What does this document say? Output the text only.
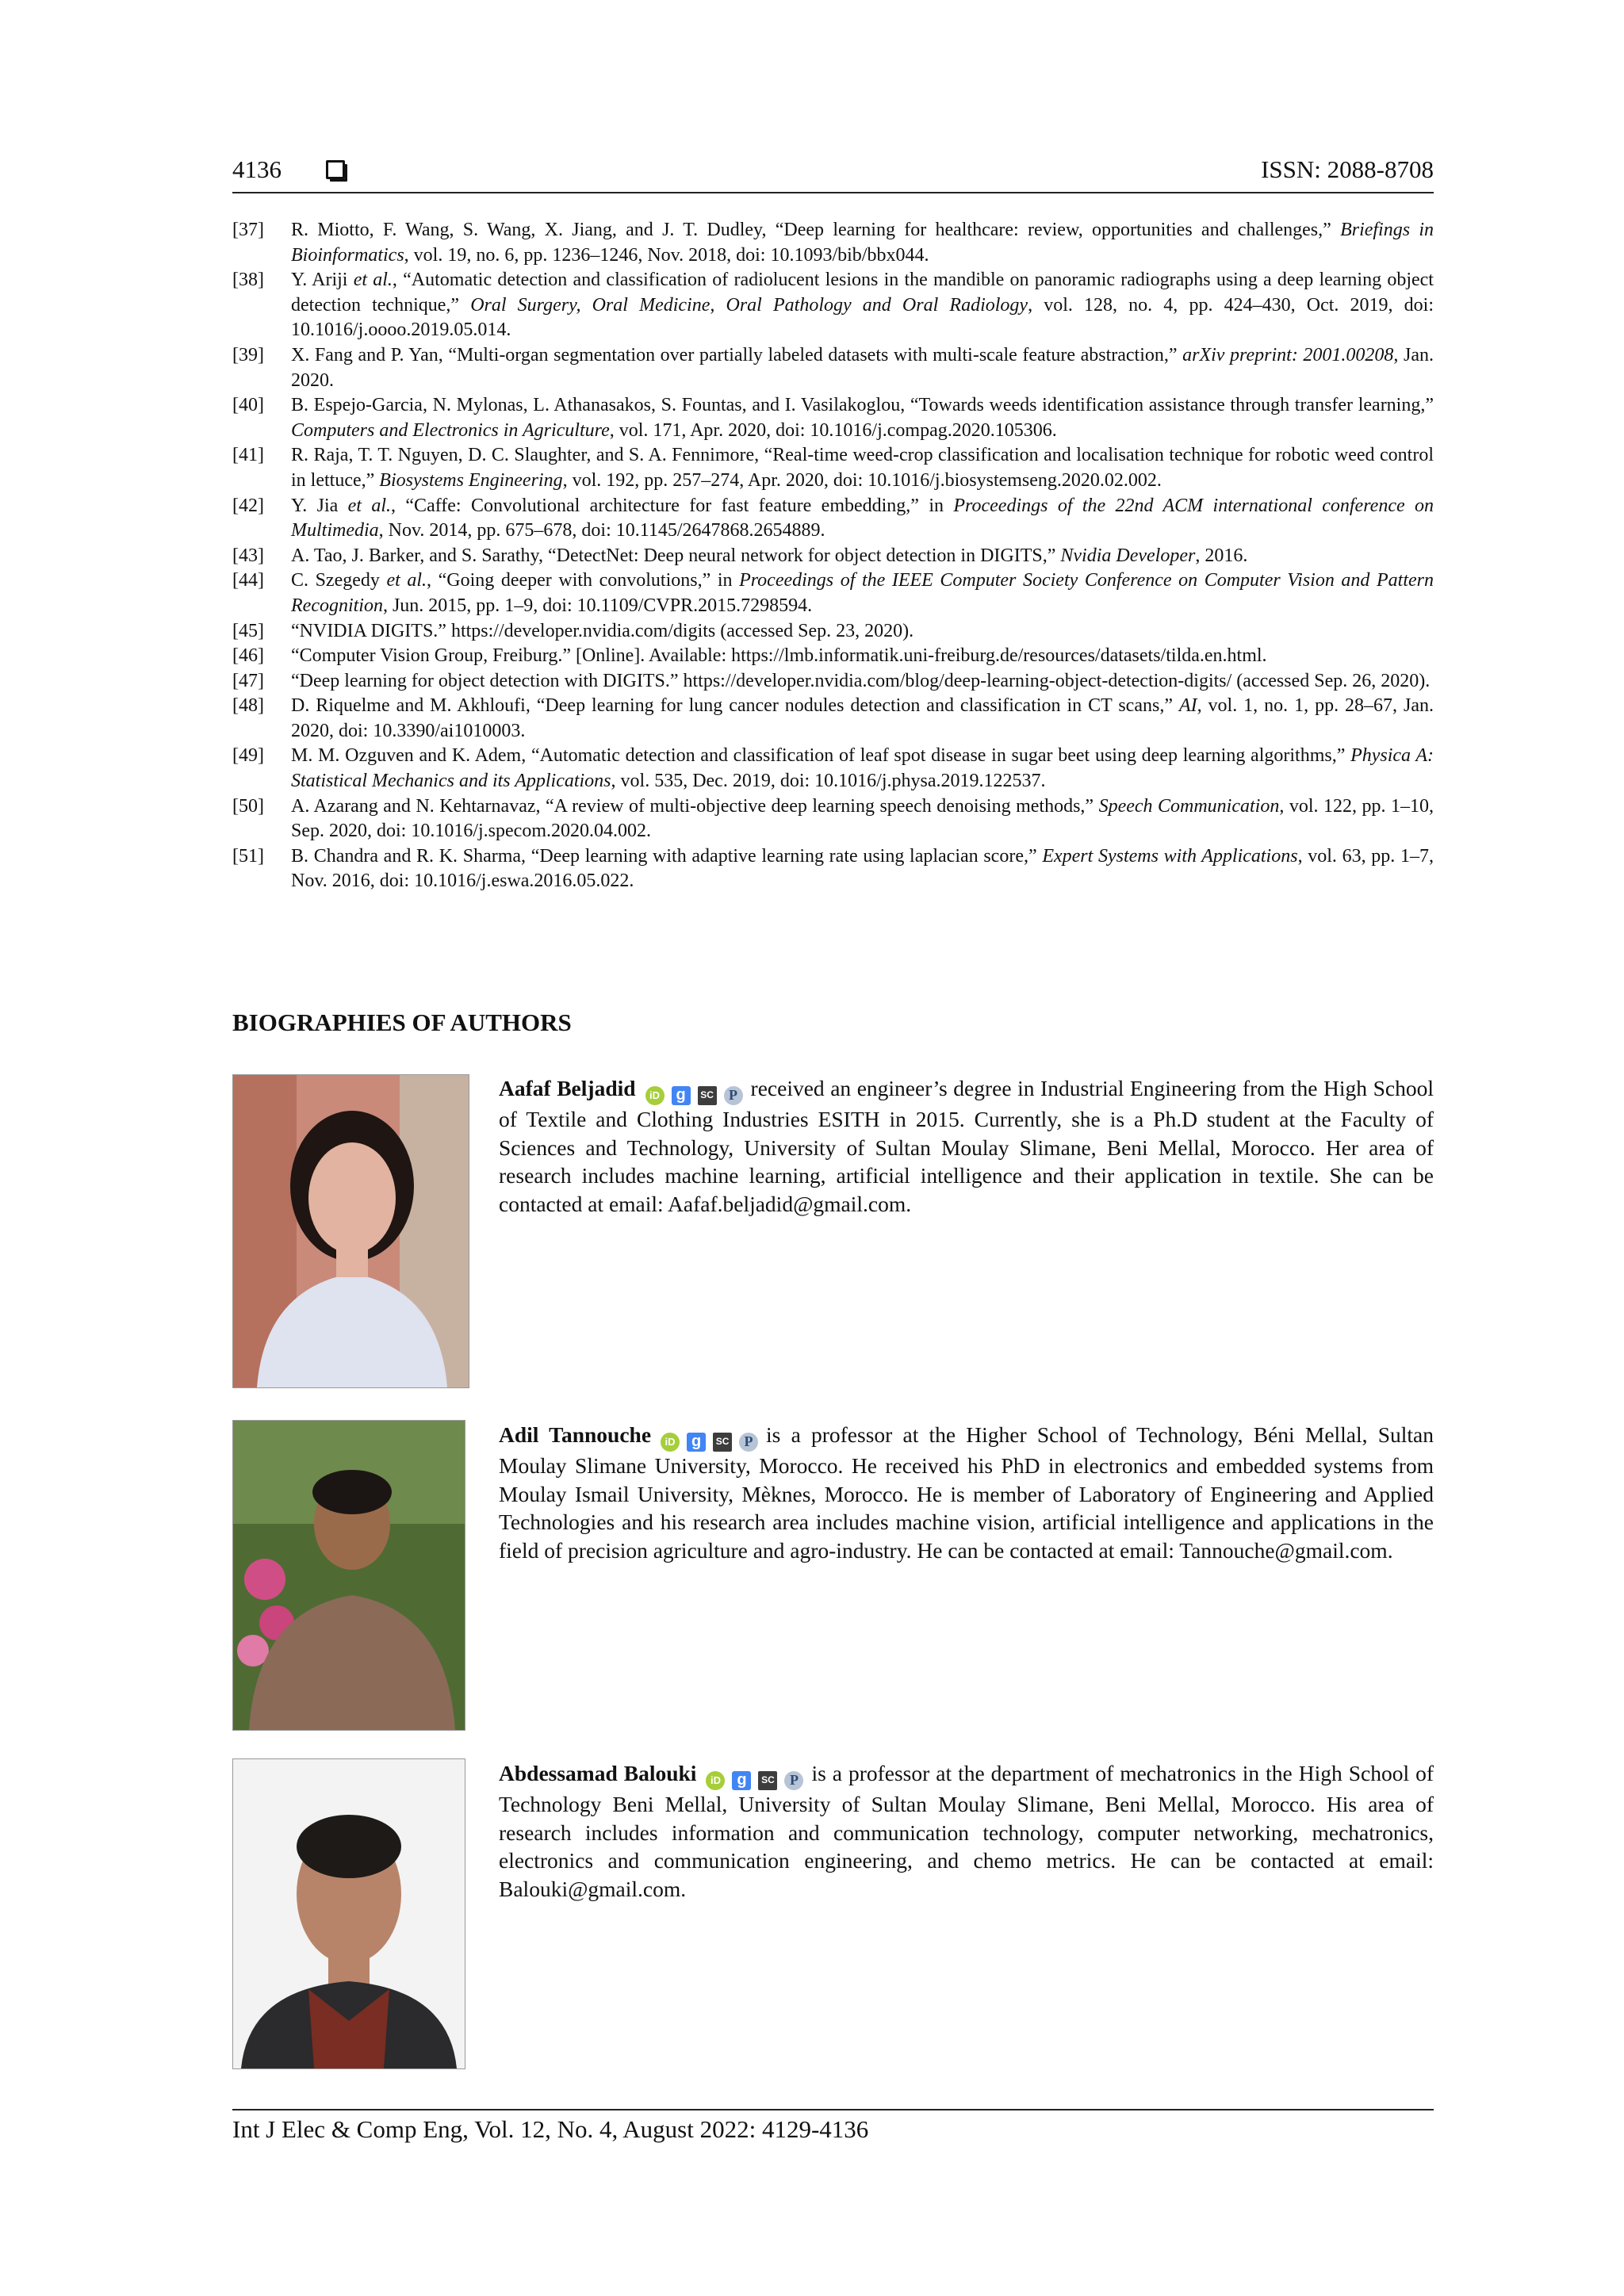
4136	ISSN: 2088-8708
[37]	R. Miotto, F. Wang, S. Wang, X. Jiang, and J. T. Dudley, “Deep learning for healthcare: review, opportunities and challenges,” Briefings in Bioinformatics, vol. 19, no. 6, pp. 1236–1246, Nov. 2018, doi: 10.1093/bib/bbx044.
[38]	Y. Ariji et al., “Automatic detection and classification of radiolucent lesions in the mandible on panoramic radiographs using a deep learning object detection technique,” Oral Surgery, Oral Medicine, Oral Pathology and Oral Radiology, vol. 128, no. 4, pp. 424–430, Oct. 2019, doi: 10.1016/j.oooo.2019.05.014.
[39]	X. Fang and P. Yan, “Multi-organ segmentation over partially labeled datasets with multi-scale feature abstraction,” arXiv preprint: 2001.00208, Jan. 2020.
[40]	B. Espejo-Garcia, N. Mylonas, L. Athanasakos, S. Fountas, and I. Vasilakoglou, “Towards weeds identification assistance through transfer learning,” Computers and Electronics in Agriculture, vol. 171, Apr. 2020, doi: 10.1016/j.compag.2020.105306.
[41]	R. Raja, T. T. Nguyen, D. C. Slaughter, and S. A. Fennimore, “Real-time weed-crop classification and localisation technique for robotic weed control in lettuce,” Biosystems Engineering, vol. 192, pp. 257–274, Apr. 2020, doi: 10.1016/j.biosystemseng.2020.02.002.
[42]	Y. Jia et al., “Caffe: Convolutional architecture for fast feature embedding,” in Proceedings of the 22nd ACM international conference on Multimedia, Nov. 2014, pp. 675–678, doi: 10.1145/2647868.2654889.
[43]	A. Tao, J. Barker, and S. Sarathy, “DetectNet: Deep neural network for object detection in DIGITS,” Nvidia Developer, 2016.
[44]	C. Szegedy et al., “Going deeper with convolutions,” in Proceedings of the IEEE Computer Society Conference on Computer Vision and Pattern Recognition, Jun. 2015, pp. 1–9, doi: 10.1109/CVPR.2015.7298594.
[45]	“NVIDIA DIGITS.” https://developer.nvidia.com/digits (accessed Sep. 23, 2020).
[46]	“Computer Vision Group, Freiburg.” [Online]. Available: https://lmb.informatik.uni-freiburg.de/resources/datasets/tilda.en.html.
[47]	“Deep learning for object detection with DIGITS.” https://developer.nvidia.com/blog/deep-learning-object-detection-digits/ (accessed Sep. 26, 2020).
[48]	D. Riquelme and M. Akhloufi, “Deep learning for lung cancer nodules detection and classification in CT scans,” AI, vol. 1, no. 1, pp. 28–67, Jan. 2020, doi: 10.3390/ai1010003.
[49]	M. M. Ozguven and K. Adem, “Automatic detection and classification of leaf spot disease in sugar beet using deep learning algorithms,” Physica A: Statistical Mechanics and its Applications, vol. 535, Dec. 2019, doi: 10.1016/j.physa.2019.122537.
[50]	A. Azarang and N. Kehtarnavaz, “A review of multi-objective deep learning speech denoising methods,” Speech Communication, vol. 122, pp. 1–10, Sep. 2020, doi: 10.1016/j.specom.2020.04.002.
[51]	B. Chandra and R. K. Sharma, “Deep learning with adaptive learning rate using laplacian score,” Expert Systems with Applications, vol. 63, pp. 1–7, Nov. 2016, doi: 10.1016/j.eswa.2016.05.022.
BIOGRAPHIES OF AUTHORS
Aafaf Beljadid	iD g	SC	P received an engineer’s degree in Industrial Engineering from the High School of Textile and Clothing Industries ESITH in 2015. Currently, she is a Ph.D student at the Faculty of Sciences and Technology, University of Sultan Moulay Slimane, Beni Mellal, Morocco. Her area of research includes machine learning, artificial intelligence and their application in textile. She can be contacted at email: Aafaf.beljadid@gmail.com.
Adil Tannouche	iD g	SC	P is a professor at the Higher School of Technology, Béni Mellal, Sultan Moulay Slimane University, Morocco. He received his PhD in electronics and embedded systems from Moulay Ismail University, Mèknes, Morocco. He is member of Laboratory of Engineering and Applied Technologies and his research area includes machine vision, artificial intelligence and applications in the field of precision agriculture and agro-industry. He can be contacted at email: Tannouche@gmail.com.
Abdessamad Balouki	iD g	SC	P is a professor at the department of mechatronics in the High School of Technology Beni Mellal, University of Sultan Moulay Slimane, Beni Mellal, Morocco. His area of research includes information and communication technology, computer networking, mechatronics, electronics and communication engineering, and chemo metrics. He can be contacted at email: Balouki@gmail.com.
Int J Elec & Comp Eng, Vol. 12, No. 4, August 2022: 4129-4136
